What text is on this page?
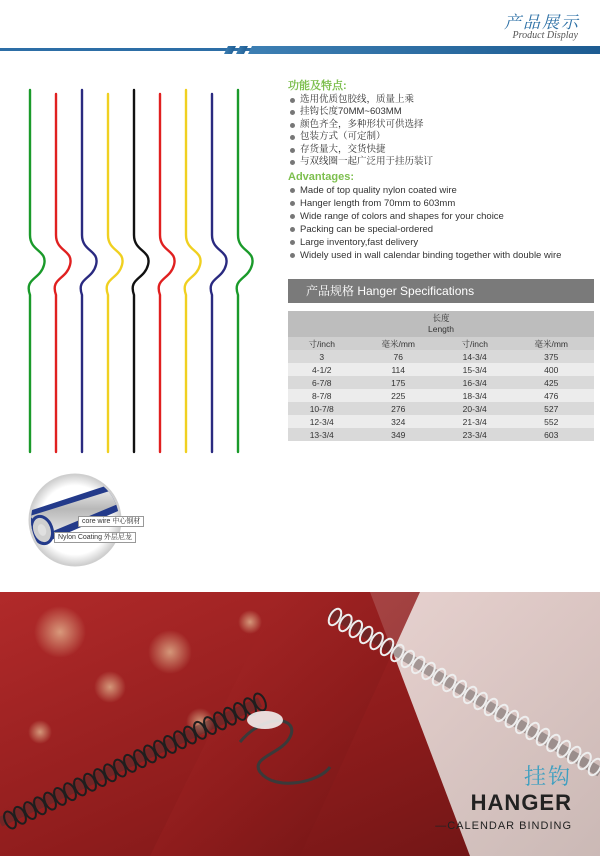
产品展示
Product Display
功能及特点:
选用优质包胶线，质量上乘
挂钩长度70MM~603MM
颜色齐全，多种形状可供选择
包装方式（可定制）
存货量大，交货快捷
与双线圈一起广泛用于挂历装订
Advantages:
Made of top quality nylon coated wire
Hanger length from 70mm to 603mm
Wide range of colors and shapes for your choice
Packing can be special-ordered
Large inventory,fast delivery
Widely used in wall calendar binding together with double wire
产品规格 Hanger Specifications
长度
Length			

寸/inch	毫米/mm	寸/inch	毫米/mm
3	76	14-3/4	375
4-1/2	114	15-3/4	400
6-7/8	175	16-3/4	425
8-7/8	225	18-3/4	476
10-7/8	276	20-3/4	527
12-3/4	324	21-3/4	552
13-3/4	349	23-3/4	603
core wire 中心钢材
Nylon Coating 外层尼龙
挂钩
HANGER
—CALENDAR BINDING
